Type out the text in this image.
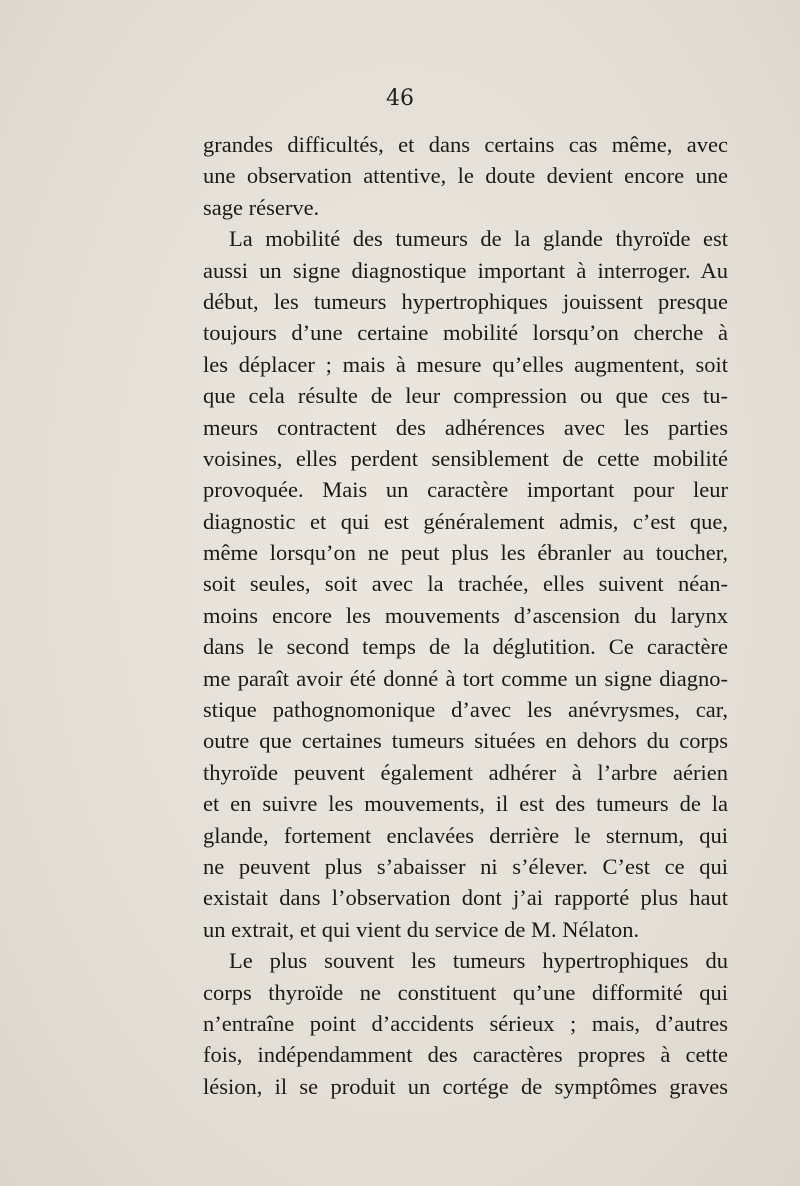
46
grandes difficultés, et dans certains cas même, avec
une observation attentive, le doute devient encore une
sage réserve.
La mobilité des tumeurs de la glande thyroïde est
aussi un signe diagnostique important à interroger. Au
début, les tumeurs hypertrophiques jouissent presque
toujours d’une certaine mobilité lorsqu’on cherche à
les déplacer ; mais à mesure qu’elles augmentent, soit
que cela résulte de leur compression ou que ces tu-
meurs contractent des adhérences avec les parties
voisines, elles perdent sensiblement de cette mobilité
provoquée. Mais un caractère important pour leur
diagnostic et qui est généralement admis, c’est que,
même lorsqu’on ne peut plus les ébranler au toucher,
soit seules, soit avec la trachée, elles suivent néan-
moins encore les mouvements d’ascension du larynx
dans le second temps de la déglutition. Ce caractère
me paraît avoir été donné à tort comme un signe diagno-
stique pathognomonique d’avec les anévrysmes, car,
outre que certaines tumeurs situées en dehors du corps
thyroïde peuvent également adhérer à l’arbre aérien
et en suivre les mouvements, il est des tumeurs de la
glande, fortement enclavées derrière le sternum, qui
ne peuvent plus s’abaisser ni s’élever. C’est ce qui
existait dans l’observation dont j’ai rapporté plus haut
un extrait, et qui vient du service de M. Nélaton.
Le plus souvent les tumeurs hypertrophiques du
corps thyroïde ne constituent qu’une difformité qui
n’entraîne point d’accidents sérieux ; mais, d’autres
fois, indépendamment des caractères propres à cette
lésion, il se produit un cortége de symptômes graves
